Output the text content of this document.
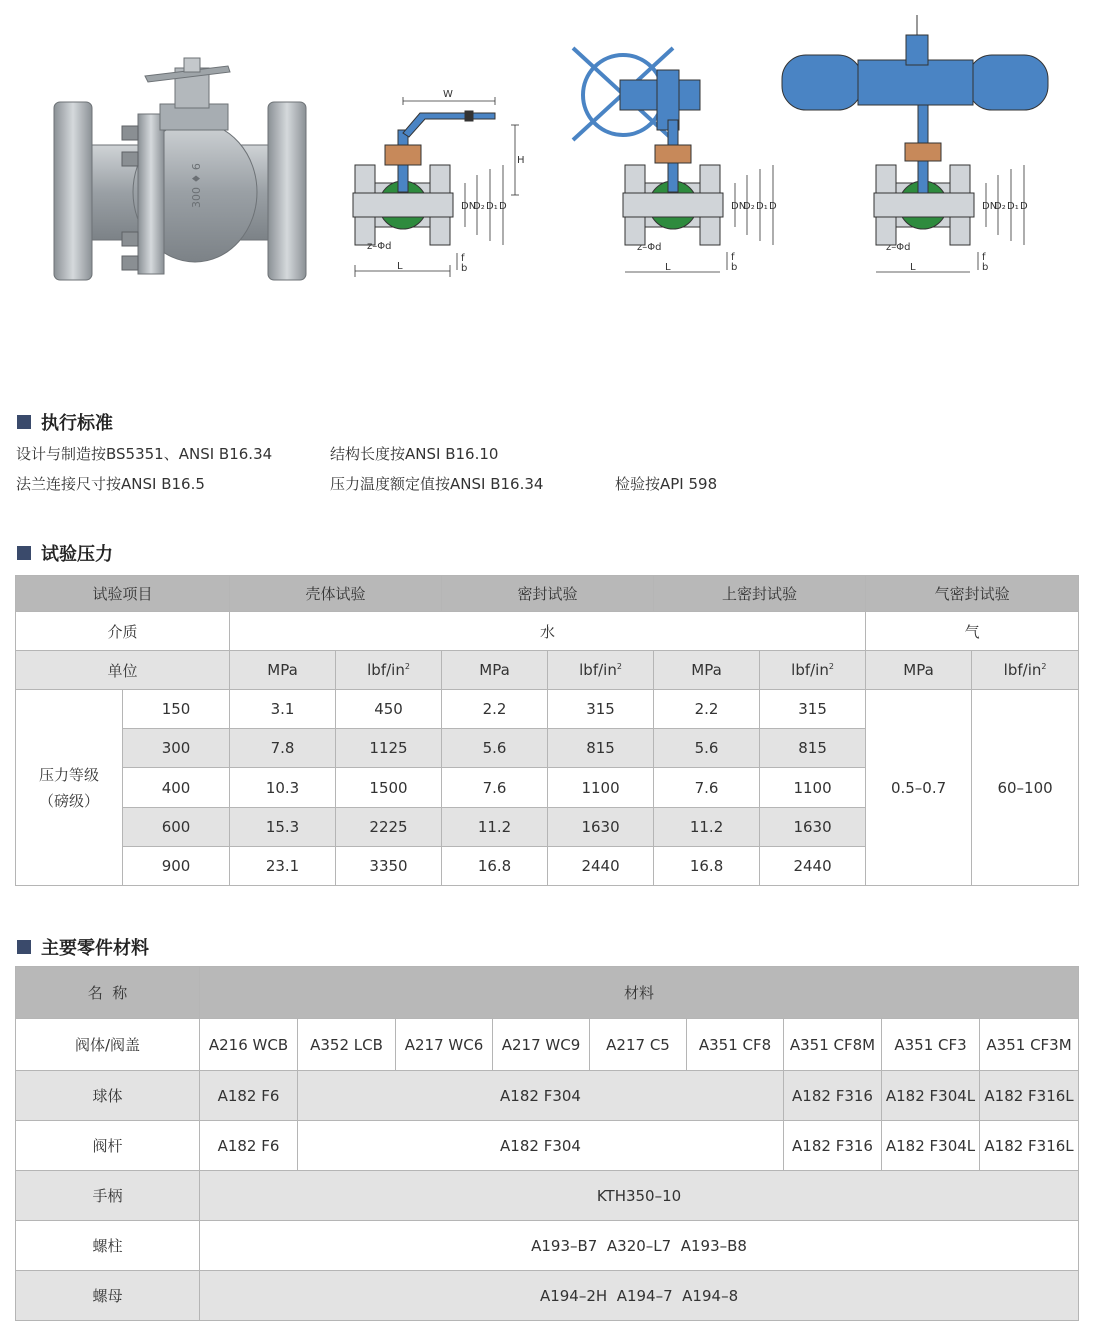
300 ♦ 6
W
H
DN
D₂ D₁ D
L
f
b
z–Φd
DN
D₂ D₁ D
L
f
b
z–Φd
DN
D₂ D₁ D
L
f
b
z–Φd
执行标准
设计与制造按BS5351、ANSI B16.34	结构长度按ANSI B16.10
法兰连接尺寸按ANSI B16.5	压力温度额定值按ANSI B16.34	检验按API 598
试验压力
试验项目		壳体试验		密封试验		上密封试验		气密封试验	
介质		水						气	
单位		MPa	lbf/$in^2$	MPa	lbf/$in^2$	MPa	lbf/$in^2$	MPa	lbf/$in^2$
压力等级
（磅级）	150	3.1	450	2.2	315	2.2	315	0.5–0.7	60–100
	300	7.8	1125	5.6	815	5.6	815		
	400	10.3	1500	7.6	1100	7.6	1100		
	600	15.3	2225	11.2	1630	11.2	1630		
	900	23.1	3350	16.8	2440	16.8	2440		
主要零件材料
名  称	材料								
阀体/阀盖	A216 WCB	A352 LCB	A217 WC6	A217 WC9	A217 C5	A351 CF8	A351 CF8M	A351 CF3	A351 CF3M
球体	A182 F6	A182 F304					A182 F316	A182 F304L	A182 F316L
阀杆	A182 F6	A182 F304					A182 F316	A182 F304L	A182 F316L
手柄	KTH350–10								
螺柱	A193–B7  A320–L7  A193–B8								
螺母	A194–2H  A194–7  A194–8								
